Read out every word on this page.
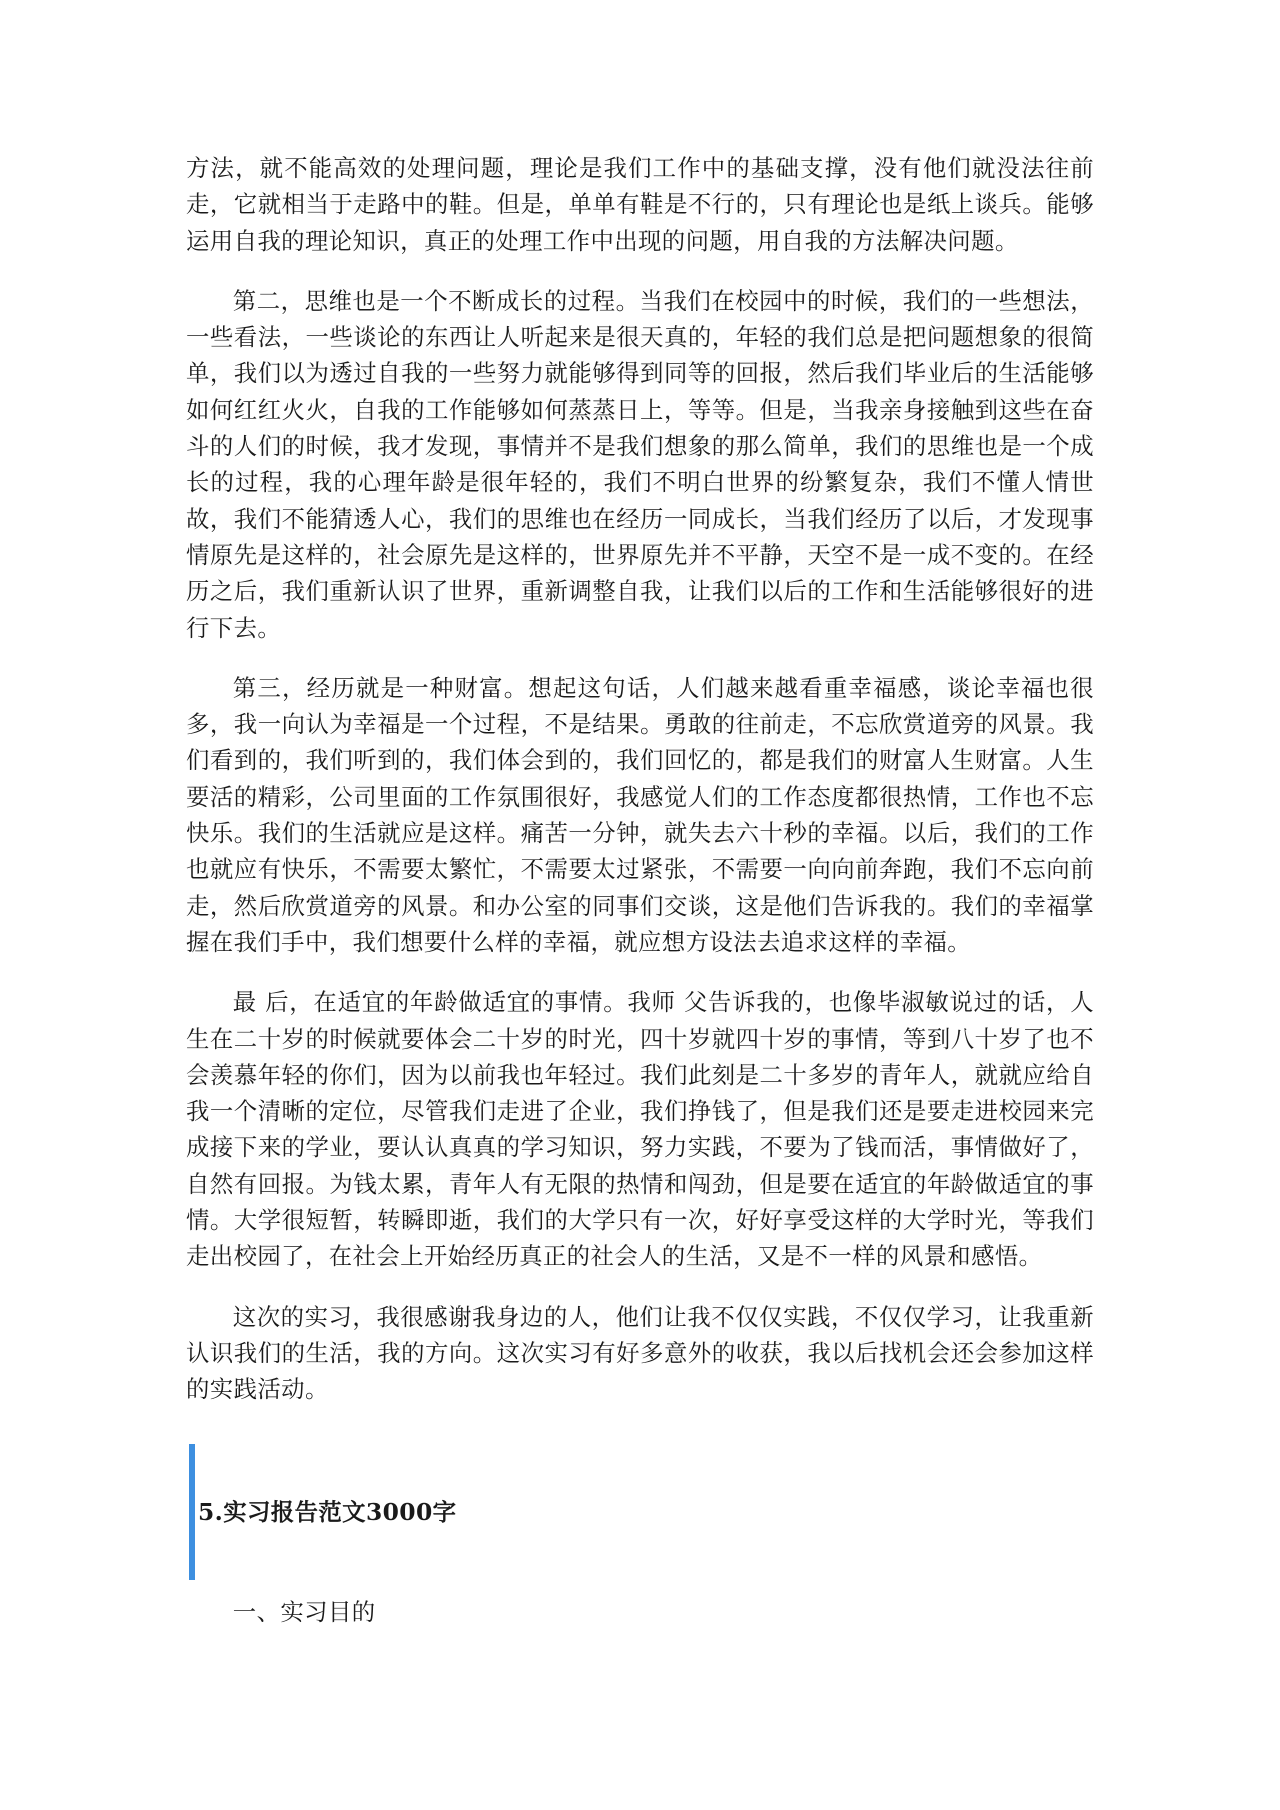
方法，就不能高效的处理问题，理论是我们工作中的基础支撑，没有他们就没法往前走，它就相当于走路中的鞋。但是，单单有鞋是不行的，只有理论也是纸上谈兵。能够运用自我的理论知识，真正的处理工作中出现的问题，用自我的方法解决问题。

第二，思维也是一个不断成长的过程。当我们在校园中的时候，我们的一些想法，一些看法，一些谈论的东西让人听起来是很天真的，年轻的我们总是把问题想象的很简单，我们以为透过自我的一些努力就能够得到同等的回报，然后我们毕业后的生活能够如何红红火火，自我的工作能够如何蒸蒸日上，等等。但是，当我亲身接触到这些在奋斗的人们的时候，我才发现，事情并不是我们想象的那么简单，我们的思维也是一个成长的过程，我的心理年龄是很年轻的，我们不明白世界的纷繁复杂，我们不懂人情世故，我们不能猜透人心，我们的思维也在经历一同成长，当我们经历了以后，才发现事情原先是这样的，社会原先是这样的，世界原先并不平静，天空不是一成不变的。在经历之后，我们重新认识了世界，重新调整自我，让我们以后的工作和生活能够很好的进行下去。

第三，经历就是一种财富。想起这句话，人们越来越看重幸福感，谈论幸福也很多，我一向认为幸福是一个过程，不是结果。勇敢的往前走，不忘欣赏道旁的风景。我们看到的，我们听到的，我们体会到的，我们回忆的，都是我们的财富人生财富。人生要活的精彩，公司里面的工作氛围很好，我感觉人们的工作态度都很热情，工作也不忘快乐。我们的生活就应是这样。痛苦一分钟，就失去六十秒的幸福。以后，我们的工作也就应有快乐，不需要太繁忙，不需要太过紧张，不需要一向向前奔跑，我们不忘向前走，然后欣赏道旁的风景。和办公室的同事们交谈，这是他们告诉我的。我们的幸福掌握在我们手中，我们想要什么样的幸福，就应想方设法去追求这样的幸福。

最 后，在适宜的年龄做适宜的事情。我师 父告诉我的，也像毕淑敏说过的话，人生在二十岁的时候就要体会二十岁的时光，四十岁就四十岁的事情，等到八十岁了也不会羡慕年轻的你们，因为以前我也年轻过。我们此刻是二十多岁的青年人，就就应给自我一个清晰的定位，尽管我们走进了企业，我们挣钱了，但是我们还是要走进校园来完成接下来的学业，要认认真真的学习知识，努力实践，不要为了钱而活，事情做好了，自然有回报。为钱太累，青年人有无限的热情和闯劲，但是要在适宜的年龄做适宜的事情。大学很短暂，转瞬即逝，我们的大学只有一次，好好享受这样的大学时光，等我们走出校园了，在社会上开始经历真正的社会人的生活，又是不一样的风景和感悟。

这次的实习，我很感谢我身边的人，他们让我不仅仅实践，不仅仅学习，让我重新认识我们的生活，我的方向。这次实习有好多意外的收获，我以后找机会还会参加这样的实践活动。

5.实习报告范文3000字

一、实习目的
